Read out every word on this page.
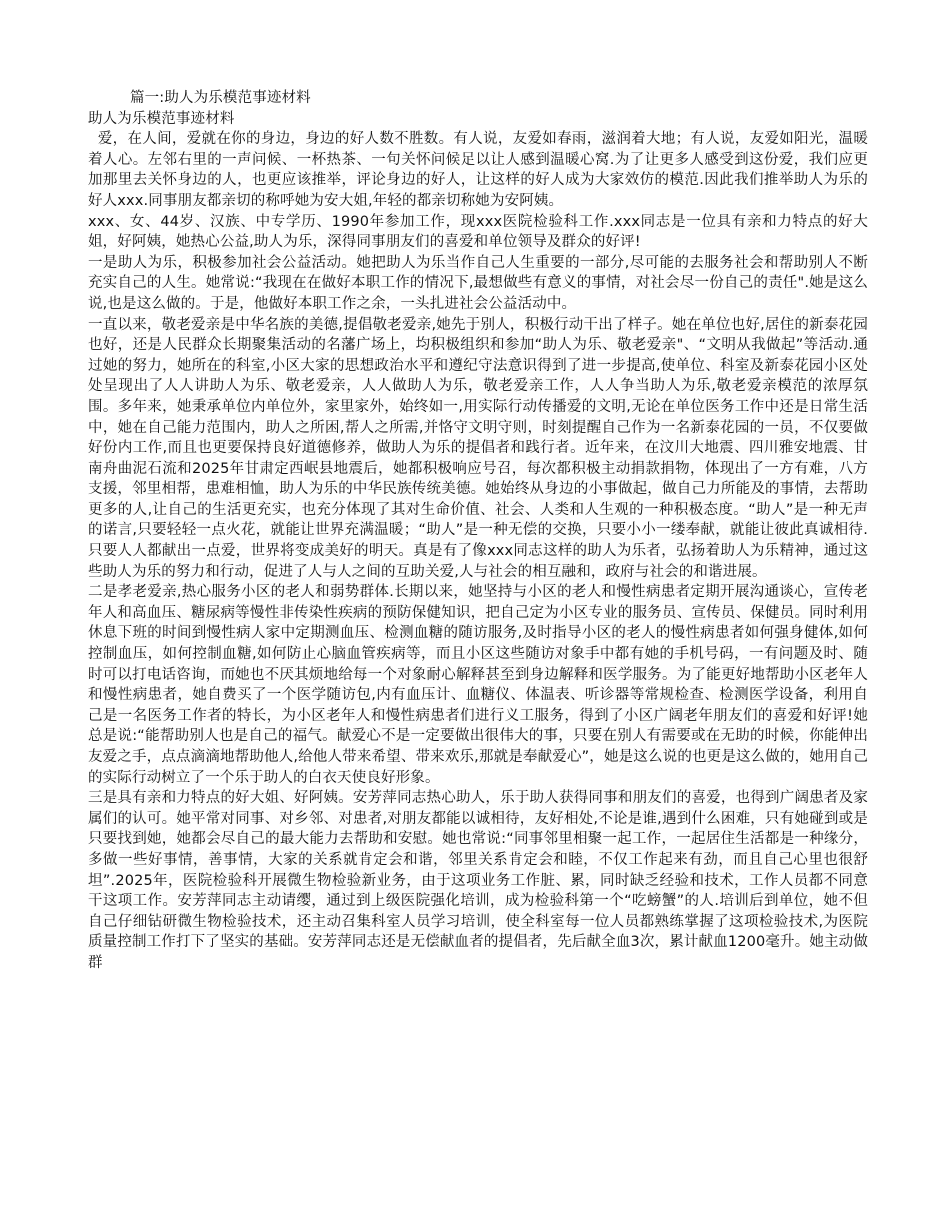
篇一:助人为乐模范事迹材料

助人为乐模范事迹材料

爱，在人间，爱就在你的身边，身边的好人数不胜数。有人说，友爱如春雨，滋润着大地；有人说，友爱如阳光，温暖着人心。左邻右里的一声问候、一杯热茶、一句关怀问候足以让人感到温暖心窝.为了让更多人感受到这份爱，我们应更加那里去关怀身边的人，也更应该推举，评论身边的好人，让这样的好人成为大家效仿的模范.因此我们推举助人为乐的好人xxx.同事朋友都亲切的称呼她为安大姐,年轻的都亲切称她为安阿姨。

xxx、女、44岁、汉族、中专学历、1990年参加工作，现xxx医院检验科工作.xxx同志是一位具有亲和力特点的好大姐，好阿姨，她热心公益,助人为乐，深得同事朋友们的喜爱和单位领导及群众的好评!

一是助人为乐，积极参加社会公益活动。她把助人为乐当作自己人生重要的一部分,尽可能的去服务社会和帮助别人不断充实自己的人生。她常说:“我现在在做好本职工作的情况下,最想做些有意义的事情，对社会尽一份自己的责任".她是这么说,也是这么做的。于是，他做好本职工作之余，一头扎进社会公益活动中。

一直以来，敬老爱亲是中华名族的美德,提倡敬老爱亲,她先于别人，积极行动干出了样子。她在单位也好,居住的新泰花园也好，还是人民群众长期聚集活动的名藩广场上，均积极组织和参加“助人为乐、敬老爱亲"、“文明从我做起”等活动.通过她的努力，她所在的科室,小区大家的思想政治水平和遵纪守法意识得到了进一步提高,使单位、科室及新泰花园小区处处呈现出了人人讲助人为乐、敬老爱亲，人人做助人为乐，敬老爱亲工作，人人争当助人为乐,敬老爱亲模范的浓厚氛围。多年来，她秉承单位内单位外，家里家外，始终如一,用实际行动传播爱的文明,无论在单位医务工作中还是日常生活中，她在自己能力范围内，助人之所困,帮人之所需,并恪守文明守则，时刻提醒自己作为一名新泰花园的一员，不仅要做好份内工作,而且也更要保持良好道德修养，做助人为乐的提倡者和践行者。近年来，在汶川大地震、四川雅安地震、甘南舟曲泥石流和2025年甘肃定西岷县地震后，她都积极响应号召，每次都积极主动捐款捐物，体现出了一方有难，八方支援，邻里相帮，患难相恤，助人为乐的中华民族传统美德。她始终从身边的小事做起，做自己力所能及的事情，去帮助更多的人,让自己的生活更充实，也充分体现了其对生命价值、社会、人类和人生观的一种积极态度。“助人”是一种无声的诺言,只要轻轻一点火花，就能让世界充满温暖；“助人”是一种无偿的交换，只要小小一缕奉献，就能让彼此真诚相待.只要人人都献出一点爱，世界将变成美好的明天。真是有了像xxx同志这样的助人为乐者，弘扬着助人为乐精神，通过这些助人为乐的努力和行动，促进了人与人之间的互助关爱,人与社会的相互融和，政府与社会的和谐进展。

二是孝老爱亲,热心服务小区的老人和弱势群体.长期以来，她坚持与小区的老人和慢性病患者定期开展沟通谈心，宣传老年人和高血压、糖尿病等慢性非传染性疾病的预防保健知识，把自己定为小区专业的服务员、宣传员、保健员。同时利用休息下班的时间到慢性病人家中定期测血压、检测血糖的随访服务,及时指导小区的老人的慢性病患者如何强身健体,如何控制血压，如何控制血糖,如何防止心脑血管疾病等，而且小区这些随访对象手中都有她的手机号码，一有问题及时、随时可以打电话咨询，而她也不厌其烦地给每一个对象耐心解释甚至到身边解释和医学服务。为了能更好地帮助小区老年人和慢性病患者，她自费买了一个医学随访包,内有血压计、血糖仪、体温表、听诊器等常规检查、检测医学设备，利用自己是一名医务工作者的特长，为小区老年人和慢性病患者们进行义工服务，得到了小区广阔老年朋友们的喜爱和好评!她总是说:“能帮助别人也是自己的福气。献爱心不是一定要做出很伟大的事，只要在别人有需要或在无助的时候，你能伸出友爱之手，点点滴滴地帮助他人,给他人带来希望、带来欢乐,那就是奉献爱心”，她是这么说的也更是这么做的，她用自己的实际行动树立了一个乐于助人的白衣天使良好形象。

三是具有亲和力特点的好大姐、好阿姨。安芳萍同志热心助人，乐于助人获得同事和朋友们的喜爱，也得到广阔患者及家属们的认可。她平常对同事、对乡邻、对患者,对朋友都能以诚相待，友好相处,不论是谁,遇到什么困难，只有她碰到或是只要找到她，她都会尽自己的最大能力去帮助和安慰。她也常说:“同事邻里相聚一起工作，一起居住生活都是一种缘分，多做一些好事情，善事情，大家的关系就肯定会和谐，邻里关系肯定会和睦，不仅工作起来有劲，而且自己心里也很舒坦”.2025年，医院检验科开展微生物检验新业务，由于这项业务工作脏、累，同时缺乏经验和技术，工作人员都不同意干这项工作。安芳萍同志主动请缨，通过到上级医院强化培训，成为检验科第一个“吃螃蟹”的人.培训后到单位，她不但自己仔细钻研微生物检验技术，还主动召集科室人员学习培训，使全科室每一位人员都熟练掌握了这项检验技术,为医院质量控制工作打下了坚实的基础。安芳萍同志还是无偿献血者的提倡者，先后献全血3次，累计献血1200毫升。她主动做群
